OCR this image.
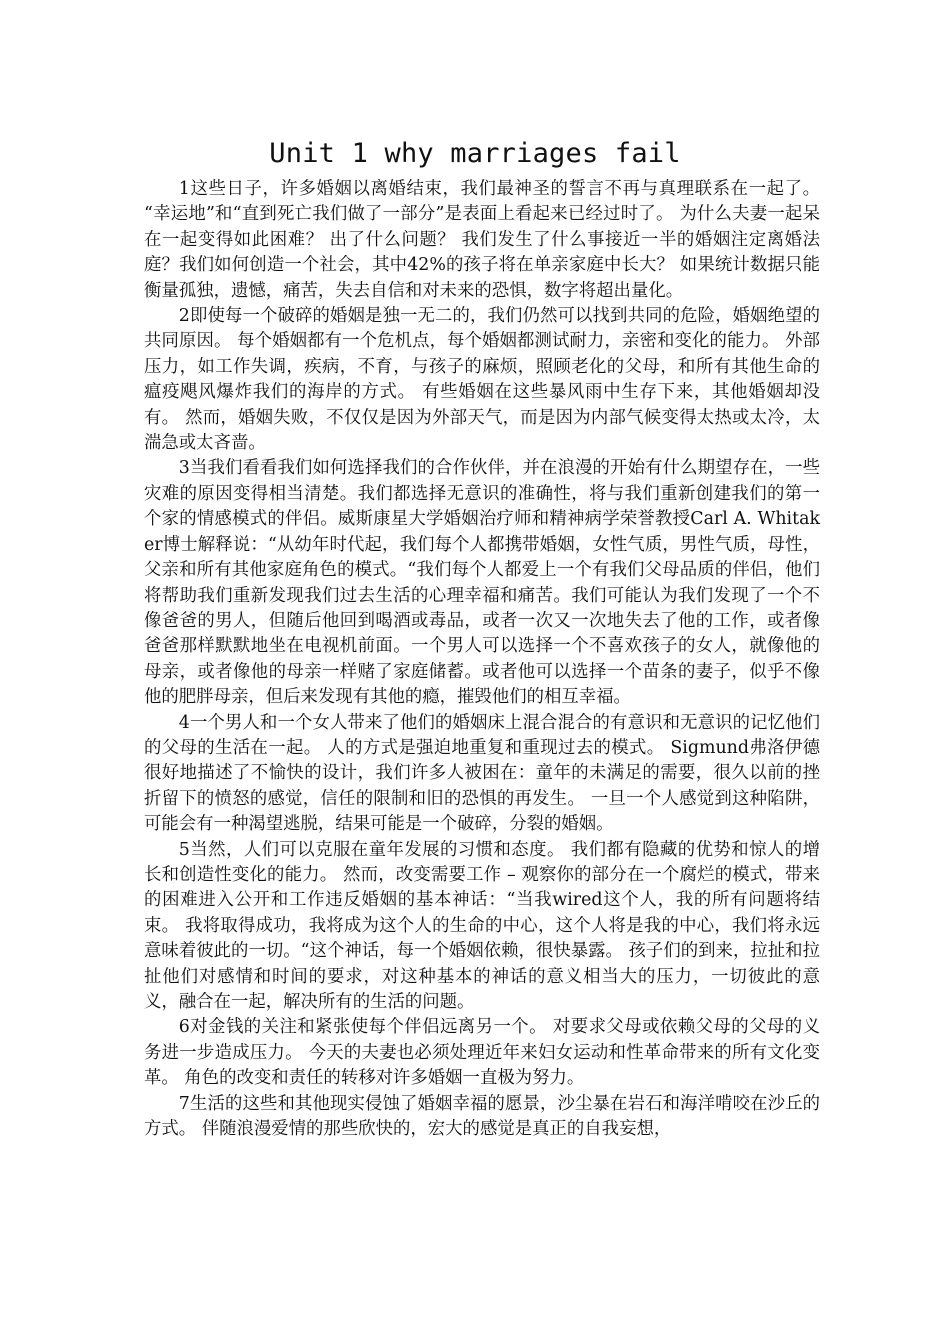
Unit 1 why marriages fail

1这些日子，许多婚姻以离婚结束，我们最神圣的誓言不再与真理联系在一起了。 “幸运地”和“直到死亡我们做了一部分”是表面上看起来已经过时了。 为什么夫妻一起呆在一起变得如此困难？ 出了什么问题？ 我们发生了什么事接近一半的婚姻注定离婚法庭？我们如何创造一个社会，其中42%的孩子将在单亲家庭中长大？ 如果统计数据只能衡量孤独，遗憾，痛苦，失去自信和对未来的恐惧，数字将超出量化。

2即使每一个破碎的婚姻是独一无二的，我们仍然可以找到共同的危险，婚姻绝望的共同原因。 每个婚姻都有一个危机点，每个婚姻都测试耐力，亲密和变化的能力。 外部压力，如工作失调，疾病，不育，与孩子的麻烦，照顾老化的父母，和所有其他生命的瘟疫飓风爆炸我们的海岸的方式。 有些婚姻在这些暴风雨中生存下来，其他婚姻却没有。 然而，婚姻失败，不仅仅是因为外部天气，而是因为内部气候变得太热或太冷，太湍急或太吝啬。

3当我们看看我们如何选择我们的合作伙伴，并在浪漫的开始有什么期望存在，一些灾难的原因变得相当清楚。我们都选择无意识的准确性，将与我们重新创建我们的第一个家的情感模式的伴侣。威斯康星大学婚姻治疗师和精神病学荣誉教授Carl A. Whitaker博士解释说：“从幼年时代起，我们每个人都携带婚姻，女性气质，男性气质，母性，父亲和所有其他家庭角色的模式。“我们每个人都爱上一个有我们父母品质的伴侣，他们将帮助我们重新发现我们过去生活的心理幸福和痛苦。我们可能认为我们发现了一个不像爸爸的男人，但随后他回到喝酒或毒品，或者一次又一次地失去了他的工作，或者像爸爸那样默默地坐在电视机前面。一个男人可以选择一个不喜欢孩子的女人，就像他的母亲，或者像他的母亲一样赌了家庭储蓄。或者他可以选择一个苗条的妻子，似乎不像他的肥胖母亲，但后来发现有其他的瘾，摧毁他们的相互幸福。

4一个男人和一个女人带来了他们的婚姻床上混合混合的有意识和无意识的记忆他们的父母的生活在一起。 人的方式是强迫地重复和重现过去的模式。 Sigmund弗洛伊德很好地描述了不愉快的设计，我们许多人被困在：童年的未满足的需要，很久以前的挫折留下的愤怒的感觉，信任的限制和旧的恐惧的再发生。 一旦一个人感觉到这种陷阱，可能会有一种渴望逃脱，结果可能是一个破碎，分裂的婚姻。

5当然，人们可以克服在童年发展的习惯和态度。 我们都有隐藏的优势和惊人的增长和创造性变化的能力。 然而，改变需要工作 – 观察你的部分在一个腐烂的模式，带来的困难进入公开和工作违反婚姻的基本神话：“当我wired这个人，我的所有问题将结束。 我将取得成功，我将成为这个人的生命的中心，这个人将是我的中心，我们将永远意味着彼此的一切。“这个神话，每一个婚姻依赖，很快暴露。 孩子们的到来，拉扯和拉扯他们对感情和时间的要求，对这种基本的神话的意义相当大的压力，一切彼此的意义，融合在一起，解决所有的生活的问题。

6对金钱的关注和紧张使每个伴侣远离另一个。 对要求父母或依赖父母的父母的义务进一步造成压力。 今天的夫妻也必须处理近年来妇女运动和性革命带来的所有文化变革。 角色的改变和责任的转移对许多婚姻一直极为努力。

7生活的这些和其他现实侵蚀了婚姻幸福的愿景，沙尘暴在岩石和海洋啃咬在沙丘的方式。 伴随浪漫爱情的那些欣快的，宏大的感觉是真正的自我妄想，
